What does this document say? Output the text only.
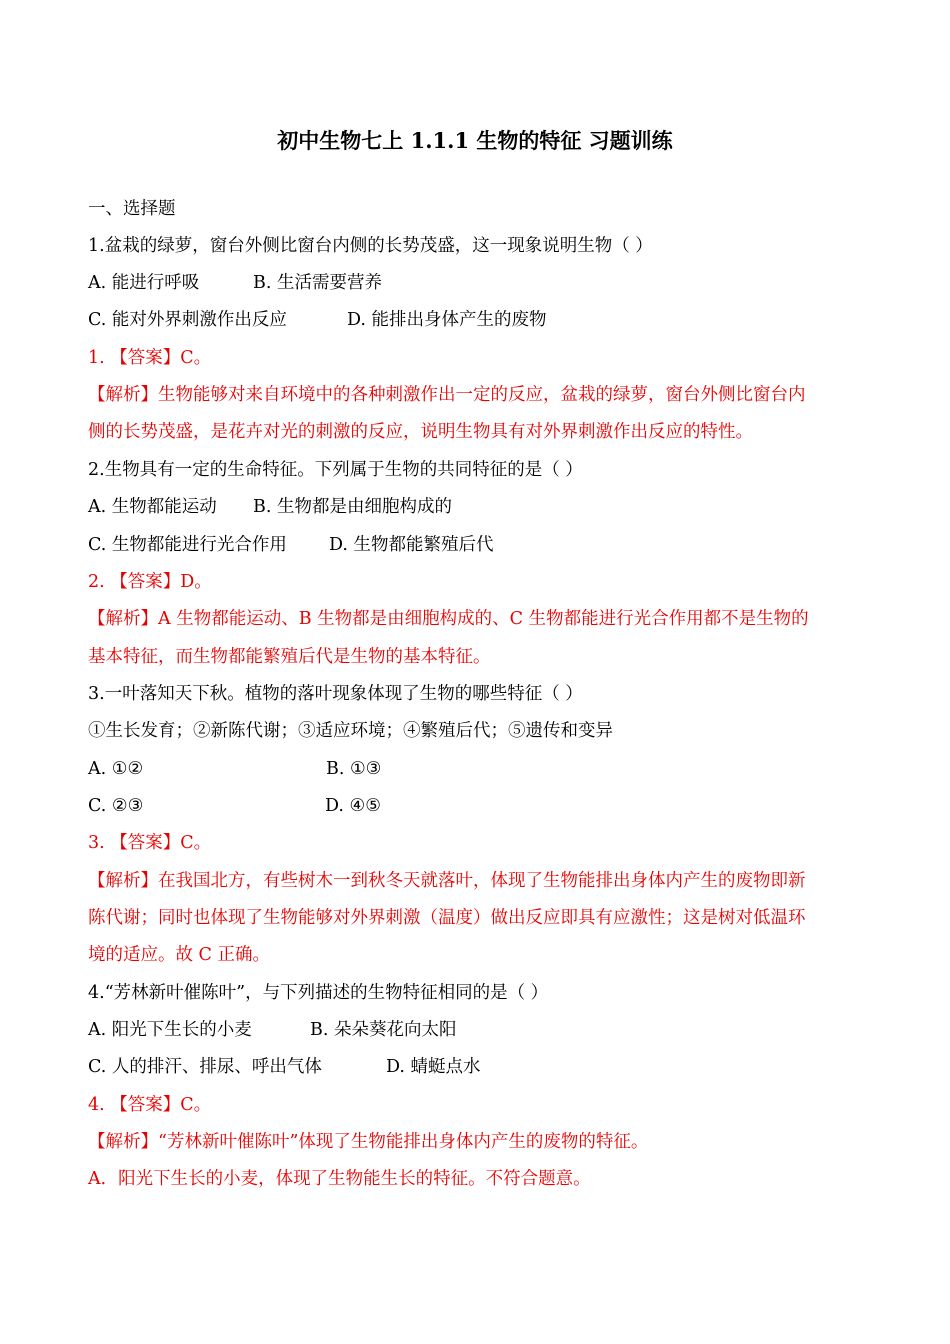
初中生物七上 1.1.1 生物的特征 习题训练
一、选择题
1.盆栽的绿萝，窗台外侧比窗台内侧的长势茂盛，这一现象说明生物（ ）
A. 能进行呼吸	B. 生活需要营养
C. 能对外界刺激作出反应	D. 能排出身体产生的废物
1. 【答案】C。
【解析】生物能够对来自环境中的各种刺激作出一定的反应，盆栽的绿萝，窗台外侧比窗台内
侧的长势茂盛，是花卉对光的刺激的反应，说明生物具有对外界刺激作出反应的特性。
2.生物具有一定的生命特征。下列属于生物的共同特征的是（ ）
A. 生物都能运动 B. 生物都是由细胞构成的
C. 生物都能进行光合作用 D. 生物都能繁殖后代
2. 【答案】D。
【解析】A 生物都能运动、B 生物都是由细胞构成的、C 生物都能进行光合作用都不是生物的
基本特征，而生物都能繁殖后代是生物的基本特征。
3.一叶落知天下秋。植物的落叶现象体现了生物的哪些特征（ ）
①生长发育；②新陈代谢；③适应环境；④繁殖后代；⑤遗传和变异
A. ①②	B. ①③
C. ②③	D. ④⑤
3. 【答案】C。
【解析】在我国北方，有些树木一到秋冬天就落叶，体现了生物能排出身体内产生的废物即新
陈代谢；同时也体现了生物能够对外界刺激（温度）做出反应即具有应激性；这是树对低温环
境的适应。故 C 正确。
4.“芳林新叶催陈叶”，与下列描述的生物特征相同的是（ ）
A. 阳光下生长的小麦	B. 朵朵葵花向太阳
C. 人的排汗、排尿、呼出气体	D. 蜻蜓点水
4. 【答案】C。
【解析】“芳林新叶催陈叶”体现了生物能排出身体内产生的废物的特征。
A．阳光下生长的小麦，体现了生物能生长的特征。不符合题意。
